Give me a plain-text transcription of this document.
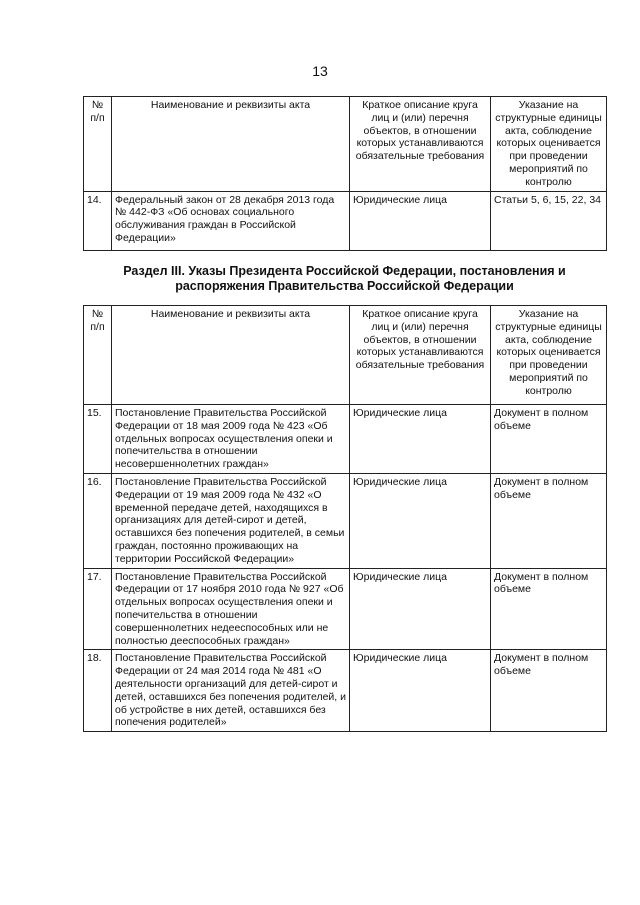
13
№ п/п	Наименование и реквизиты акта	Краткое описание круга лиц и (или) перечня объектов, в отношении которых устанавливаются обязательные требования	Указание на структурные единицы акта, соблюдение которых оценивается при проведении мероприятий по контролю
14.	Федеральный закон от 28 декабря 2013 года № 442-ФЗ «Об основах социального обслуживания граждан в Российской Федерации»	Юридические лица	Статьи 5, 6, 15, 22, 34
Раздел III. Указы Президента Российской Федерации, постановления и распоряжения Правительства Российской Федерации
№ п/п	Наименование и реквизиты акта	Краткое описание круга лиц и (или) перечня объектов, в отношении которых устанавливаются обязательные требования	Указание на структурные единицы акта, соблюдение которых оценивается при проведении мероприятий по контролю
15.	Постановление Правительства Российской Федерации от 18 мая 2009 года № 423 «Об отдельных вопросах осуществления опеки и попечительства в отношении несовершеннолетних граждан»	Юридические лица	Документ в полном объеме
16.	Постановление Правительства Российской Федерации от 19 мая 2009 года № 432 «О временной передаче детей, находящихся в организациях для детей-сирот и детей, оставшихся без попечения родителей, в семьи граждан, постоянно проживающих на территории Российской Федерации»	Юридические лица	Документ в полном объеме
17.	Постановление Правительства Российской Федерации от 17 ноября 2010 года № 927 «Об отдельных вопросах осуществления опеки и попечительства в отношении совершеннолетних недееспособных или не полностью дееспособных граждан»	Юридические лица	Документ в полном объеме
18.	Постановление Правительства Российской Федерации от 24 мая 2014 года № 481 «О деятельности организаций для детей-сирот и детей, оставшихся без попечения родителей, и об устройстве в них детей, оставшихся без попечения родителей»	Юридические лица	Документ в полном объеме
